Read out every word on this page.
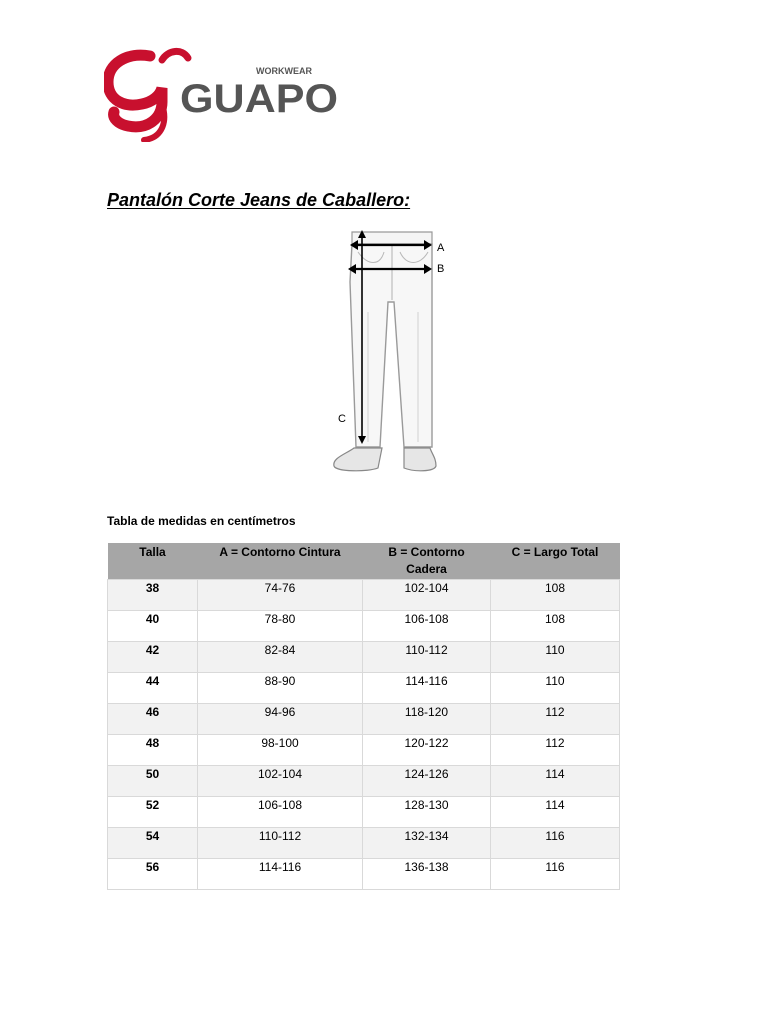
WORKWEAR
GUAPO
Pantalón Corte Jeans de Caballero:
A
B
C
Tabla de medidas en centímetros
Talla	A = Contorno Cintura	B = Contorno Cadera	C = Largo Total
38	74-76	102-104	108
40	78-80	106-108	108
42	82-84	110-112	110
44	88-90	114-116	110
46	94-96	118-120	112
48	98-100	120-122	112
50	102-104	124-126	114
52	106-108	128-130	114
54	110-112	132-134	116
56	114-116	136-138	116
